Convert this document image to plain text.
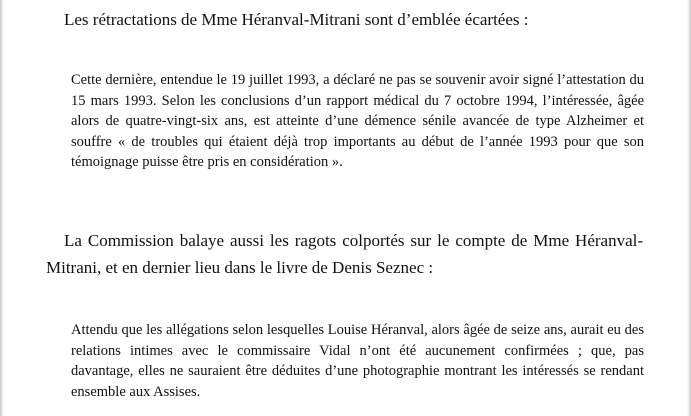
Les rétractations de Mme Héranval-Mitrani sont d’emblée écartées :

Cette dernière, entendue le 19 juillet 1993, a déclaré ne pas se souvenir avoir signé l’attestation du 15 mars 1993. Selon les conclusions d’un rapport médical du 7 octobre 1994, l’intéressée, âgée alors de quatre-vingt-six ans, est atteinte d’une démence sénile avancée de type Alzheimer et souffre « de troubles qui étaient déjà trop importants au début de l’année 1993 pour que son témoignage puisse être pris en considération ».

La Commission balaye aussi les ragots colportés sur le compte de Mme Héranval-Mitrani, et en dernier lieu dans le livre de Denis Seznec :

Attendu que les allégations selon lesquelles Louise Héranval, alors âgée de seize ans, aurait eu des relations intimes avec le commissaire Vidal n’ont été aucunement confirmées ; que, pas davantage, elles ne sauraient être déduites d’une photographie montrant les intéressés se rendant ensemble aux Assises.
